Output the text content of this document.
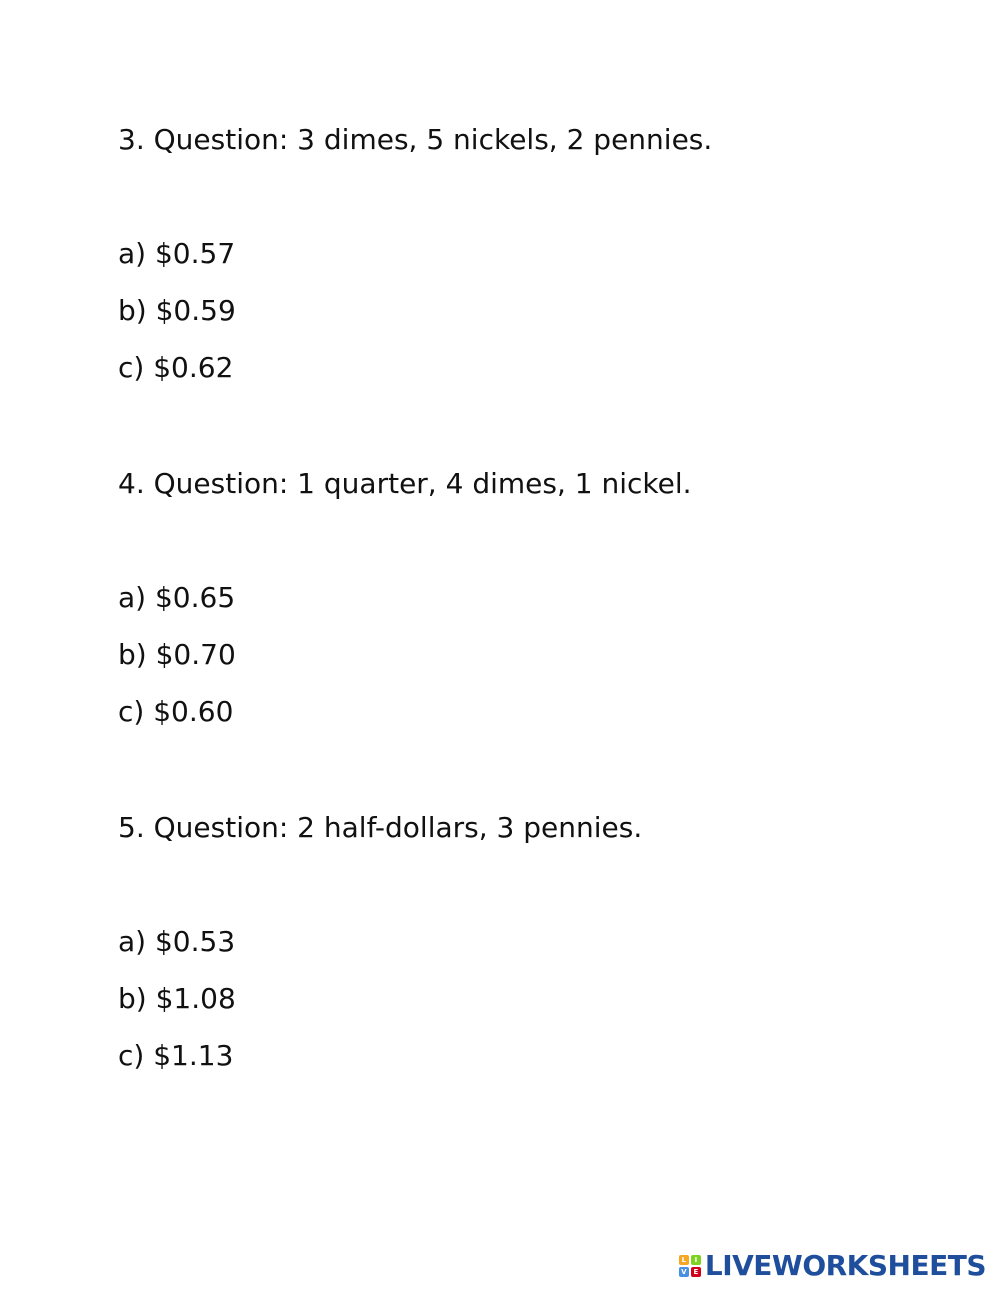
3. Question: 3 dimes, 5 nickels, 2 pennies.
a) $0.57
b) $0.59
c) $0.62
4. Question: 1 quarter, 4 dimes, 1 nickel.
a) $0.65
b) $0.70
c) $0.60
5. Question: 2 half-dollars, 3 pennies.
a) $0.53
b) $1.08
c) $1.13
L	I
V E LIVEWORKSHEETS
